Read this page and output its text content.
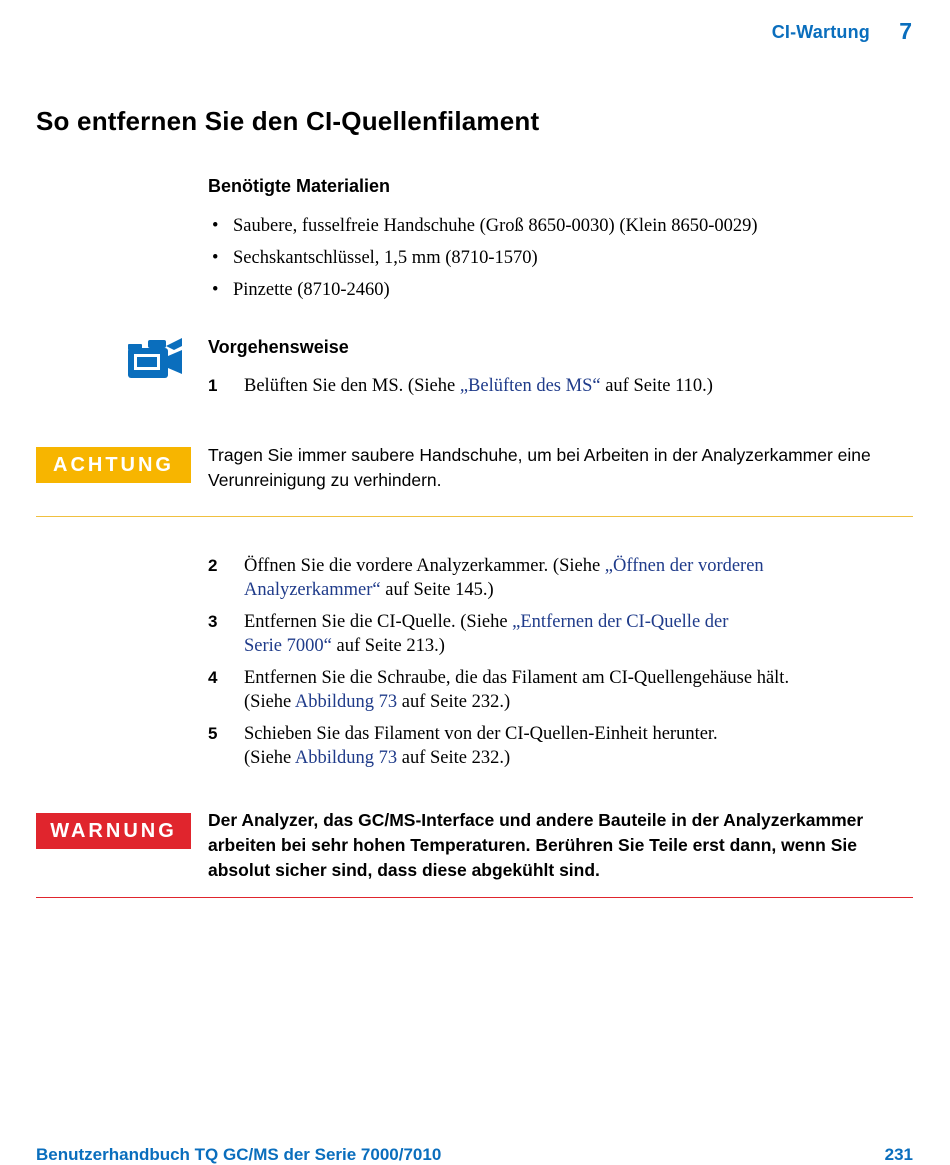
CI-Wartung 7
So entfernen Sie den CI-Quellenfilament
Benötigte Materialien
• Saubere, fusselfreie Handschuhe (Groß 8650-0030) (Klein 8650-0029)
• Sechskantschlüssel, 1,5 mm (8710-1570)
• Pinzette (8710-2460)
Vorgehensweise
1 Belüften Sie den MS. (Siehe „Belüften des MS“ auf Seite 110.)
ACHTUNG	Tragen Sie immer saubere Handschuhe, um bei Arbeiten in der Analyzerkammer eine Verunreinigung zu verhindern.
2 Öffnen Sie die vordere Analyzerkammer. (Siehe „Öffnen der vorderen
Analyzerkammer“ auf Seite 145.)
3 Entfernen Sie die CI-Quelle. (Siehe „Entfernen der CI-Quelle der
Serie 7000“ auf Seite 213.)
4 Entfernen Sie die Schraube, die das Filament am CI-Quellengehäuse hält.
(Siehe Abbildung 73 auf Seite 232.)
5 Schieben Sie das Filament von der CI-Quellen-Einheit herunter.
(Siehe Abbildung 73 auf Seite 232.)
WARNUNG	Der Analyzer, das GC/MS-Interface und andere Bauteile in der Analyzerkammer arbeiten bei sehr hohen Temperaturen. Berühren Sie Teile erst dann, wenn Sie absolut sicher sind, dass diese abgekühlt sind.
Benutzerhandbuch TQ GC/MS der Serie 7000/7010	231
